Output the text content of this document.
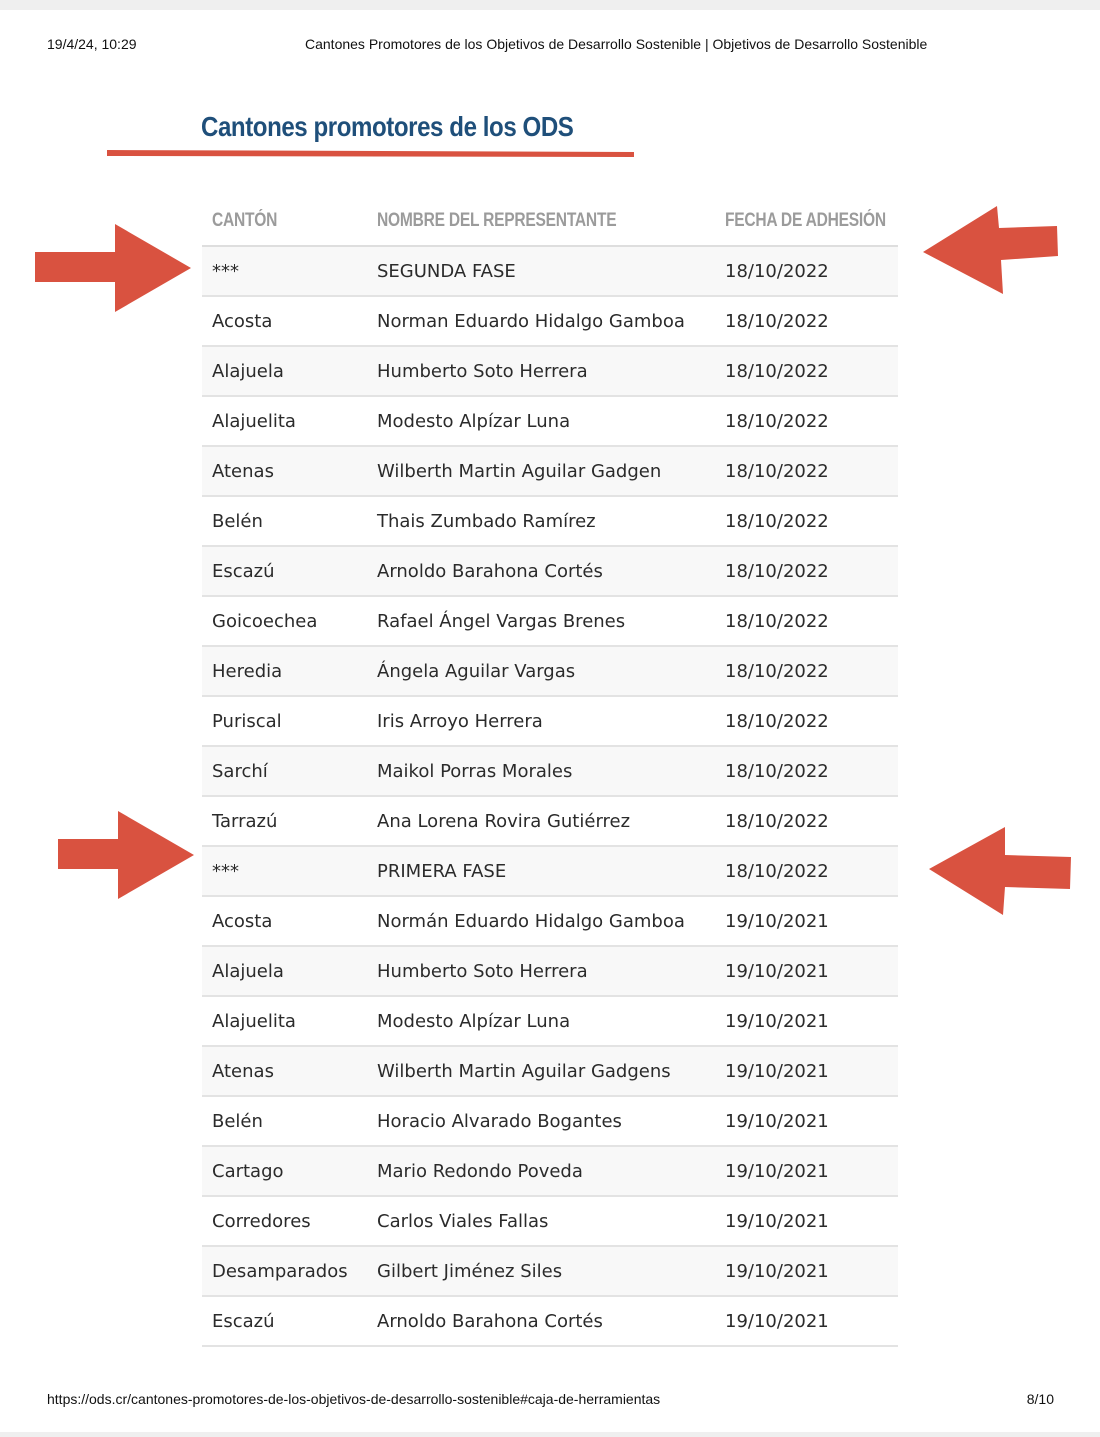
19/4/24, 10:29	Cantones Promotores de los Objetivos de Desarrollo Sostenible | Objetivos de Desarrollo Sostenible
Cantones promotores de los ODS
CANTÓN	NOMBRE DEL REPRESENTANTE	FECHA DE ADHESIÓN
***	SEGUNDA FASE	18/10/2022
Acosta	Norman Eduardo Hidalgo Gamboa	18/10/2022
Alajuela	Humberto Soto Herrera	18/10/2022
Alajuelita	Modesto Alpízar Luna	18/10/2022
Atenas	Wilberth Martin Aguilar Gadgen	18/10/2022
Belén	Thais Zumbado Ramírez	18/10/2022
Escazú	Arnoldo Barahona Cortés	18/10/2022
Goicoechea	Rafael Ángel Vargas Brenes	18/10/2022
Heredia	Ángela Aguilar Vargas	18/10/2022
Puriscal	Iris Arroyo Herrera	18/10/2022
Sarchí	Maikol Porras Morales	18/10/2022
Tarrazú	Ana Lorena Rovira Gutiérrez	18/10/2022
***	PRIMERA FASE	18/10/2022
Acosta	Normán Eduardo Hidalgo Gamboa	19/10/2021
Alajuela	Humberto Soto Herrera	19/10/2021
Alajuelita	Modesto Alpízar Luna	19/10/2021
Atenas	Wilberth Martin Aguilar Gadgens	19/10/2021
Belén	Horacio Alvarado Bogantes	19/10/2021
Cartago	Mario Redondo Poveda	19/10/2021
Corredores	Carlos Viales Fallas	19/10/2021
Desamparados	Gilbert Jiménez Siles	19/10/2021
Escazú	Arnoldo Barahona Cortés	19/10/2021
https://ods.cr/cantones-promotores-de-los-objetivos-de-desarrollo-sostenible#caja-de-herramientas	8/10
